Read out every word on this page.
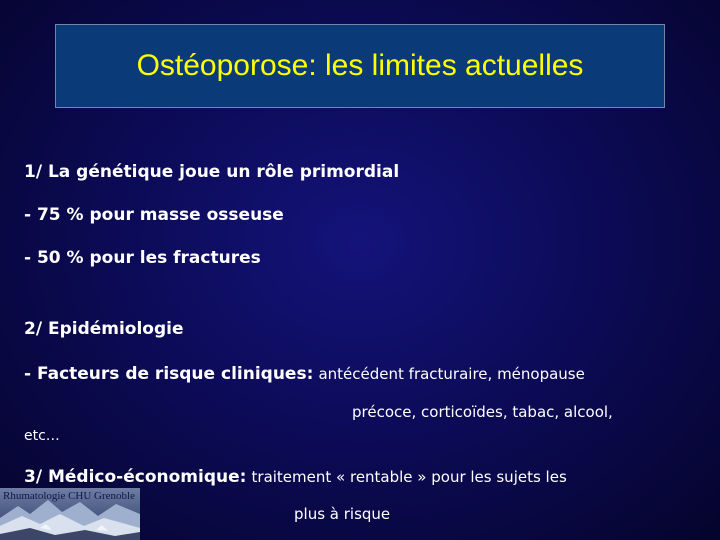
Ostéoporose: les limites actuelles
1/ La génétique joue un rôle primordial
- 75 % pour masse osseuse
- 50 % pour les fractures
2/ Epidémiologie
- Facteurs de risque cliniques: antécédent fracturaire, ménopause
précoce, corticoïdes, tabac, alcool,
etc…
3/ Médico-économique: traitement « rentable » pour les sujets les
plus à risque
Rhumatologie CHU Grenoble
